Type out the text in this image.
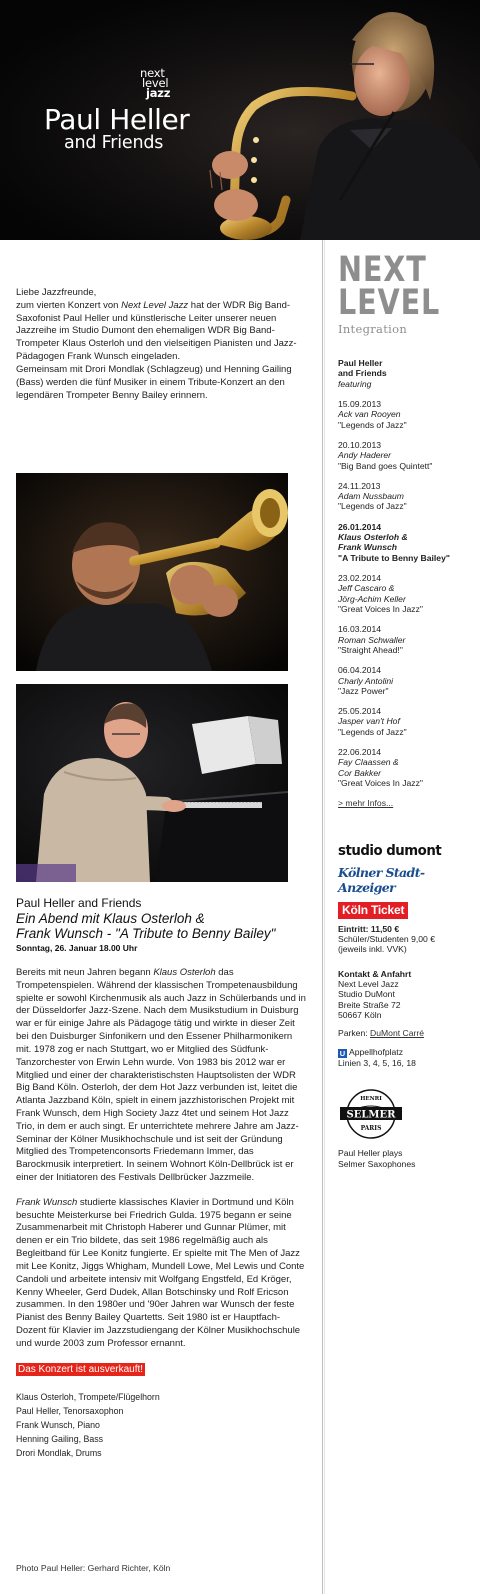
next
level
jazz
Paul Heller
and Friends

Liebe Jazzfreunde,

zum vierten Konzert von Next Level Jazz hat der WDR Big Band-Saxofonist Paul Heller und künstlerische Leiter unserer neuen Jazzreihe im Studio Dumont den ehemaligen WDR Big Band-Trompeter Klaus Osterloh und den vielseitigen Pianisten und Jazz-Pädagogen Frank Wunsch eingeladen.

Gemeinsam mit Drori Mondlak (Schlagzeug) und Henning Gailing (Bass) werden die fünf Musiker in einem Tribute-Konzert an den legendären Trompeter Benny Bailey erinnern.

Paul Heller and Friends
Ein Abend mit Klaus Osterloh &
Frank Wunsch - "A Tribute to Benny Bailey"
Sonntag, 26. Januar 18.00 Uhr

Bereits mit neun Jahren begann Klaus Osterloh das Trompetenspielen. Während der klassischen Trompetenausbildung spielte er sowohl Kirchenmusik als auch Jazz in Schülerbands und in der Düsseldorfer Jazz-Szene. Nach dem Musikstudium in Duisburg war er für einige Jahre als Pädagoge tätig und wirkte in dieser Zeit bei den Duisburger Sinfonikern und den Essener Philharmonikern mit. 1978 zog er nach Stuttgart, wo er Mitglied des Südfunk-Tanzorchester von Erwin Lehn wurde. Von 1983 bis 2012 war er Mitglied und einer der charakteristischsten Hauptsolisten der WDR Big Band Köln. Osterloh, der dem Hot Jazz verbunden ist, leitet die Atlanta Jazzband Köln, spielt in einem jazzhistorischen Projekt mit Frank Wunsch, dem High Society Jazz 4tet und seinem Hot Jazz Trio, in dem er auch singt. Er unterrichtete mehrere Jahre am Jazz-Seminar der Kölner Musikhochschule und ist seit der Gründung Mitglied des Trompetenconsorts Friedemann Immer, das Barockmusik interpretiert. In seinem Wohnort Köln-Dellbrück ist er einer der Initiatoren des Festivals Dellbrücker Jazzmeile.

Frank Wunsch studierte klassisches Klavier in Dortmund und Köln besuchte Meisterkurse bei Friedrich Gulda. 1975 begann er seine Zusammenarbeit mit Christoph Haberer und Gunnar Plümer, mit denen er ein Trio bildete, das seit 1986 regelmäßig auch als Begleitband für Lee Konitz fungierte. Er spielte mit The Men of Jazz mit Lee Konitz, Jiggs Whigham, Mundell Lowe, Mel Lewis und Conte Candoli und arbeitete intensiv mit Wolfgang Engstfeld, Ed Kröger, Kenny Wheeler, Gerd Dudek, Allan Botschinsky und Rolf Ericson zusammen. In den 1980er und '90er Jahren war Wunsch der feste Pianist des Benny Bailey Quartetts. Seit 1980 ist er Hauptfach-Dozent für Klavier im Jazzstudiengang der Kölner Musikhochschule und wurde 2003 zum Professor ernannt.

Das Konzert ist ausverkauft!
Klaus Osterloh, Trompete/Flügelhorn
Paul Heller, Tenorsaxophon
Frank Wunsch, Piano
Henning Gailing, Bass
Drori Mondlak, Drums
Photo Paul Heller: Gerhard Richter, Köln
NEXT
LEVEL
Integration
Paul Heller
and Friends
featuring
15.09.2013
Ack van Rooyen
"Legends of Jazz"
20.10.2013
Andy Haderer
"Big Band goes Quintett"
24.11.2013
Adam Nussbaum
"Legends of Jazz"
26.01.2014
Klaus Osterloh &
Frank Wunsch
"A Tribute to Benny Bailey"
23.02.2014
Jeff Cascaro &
Jörg-Achim Keller
"Great Voices In Jazz"
16.03.2014
Roman Schwaller
"Straight Ahead!"
06.04.2014
Charly Antolini
"Jazz Power"
25.05.2014
Jasper van't Hof
"Legends of Jazz"
22.06.2014
Fay Claassen &
Cor Bakker
"Great Voices In Jazz"
> mehr Infos...
studio dumont
Kölner Stadt-Anzeiger
Köln Ticket
Eintritt: 11,50 €
Schüler/Studenten 9,00 €
(jeweils inkl. VVK)
Kontakt & Anfahrt
Next Level Jazz
Studio DuMont
Breite Straße 72
50667 Köln
Parken: DuMont Carré
U Appellhofplatz
Linien 3, 4, 5, 16, 18
HENRI
SELMER
PARIS
Paul Heller plays
Selmer Saxophones
